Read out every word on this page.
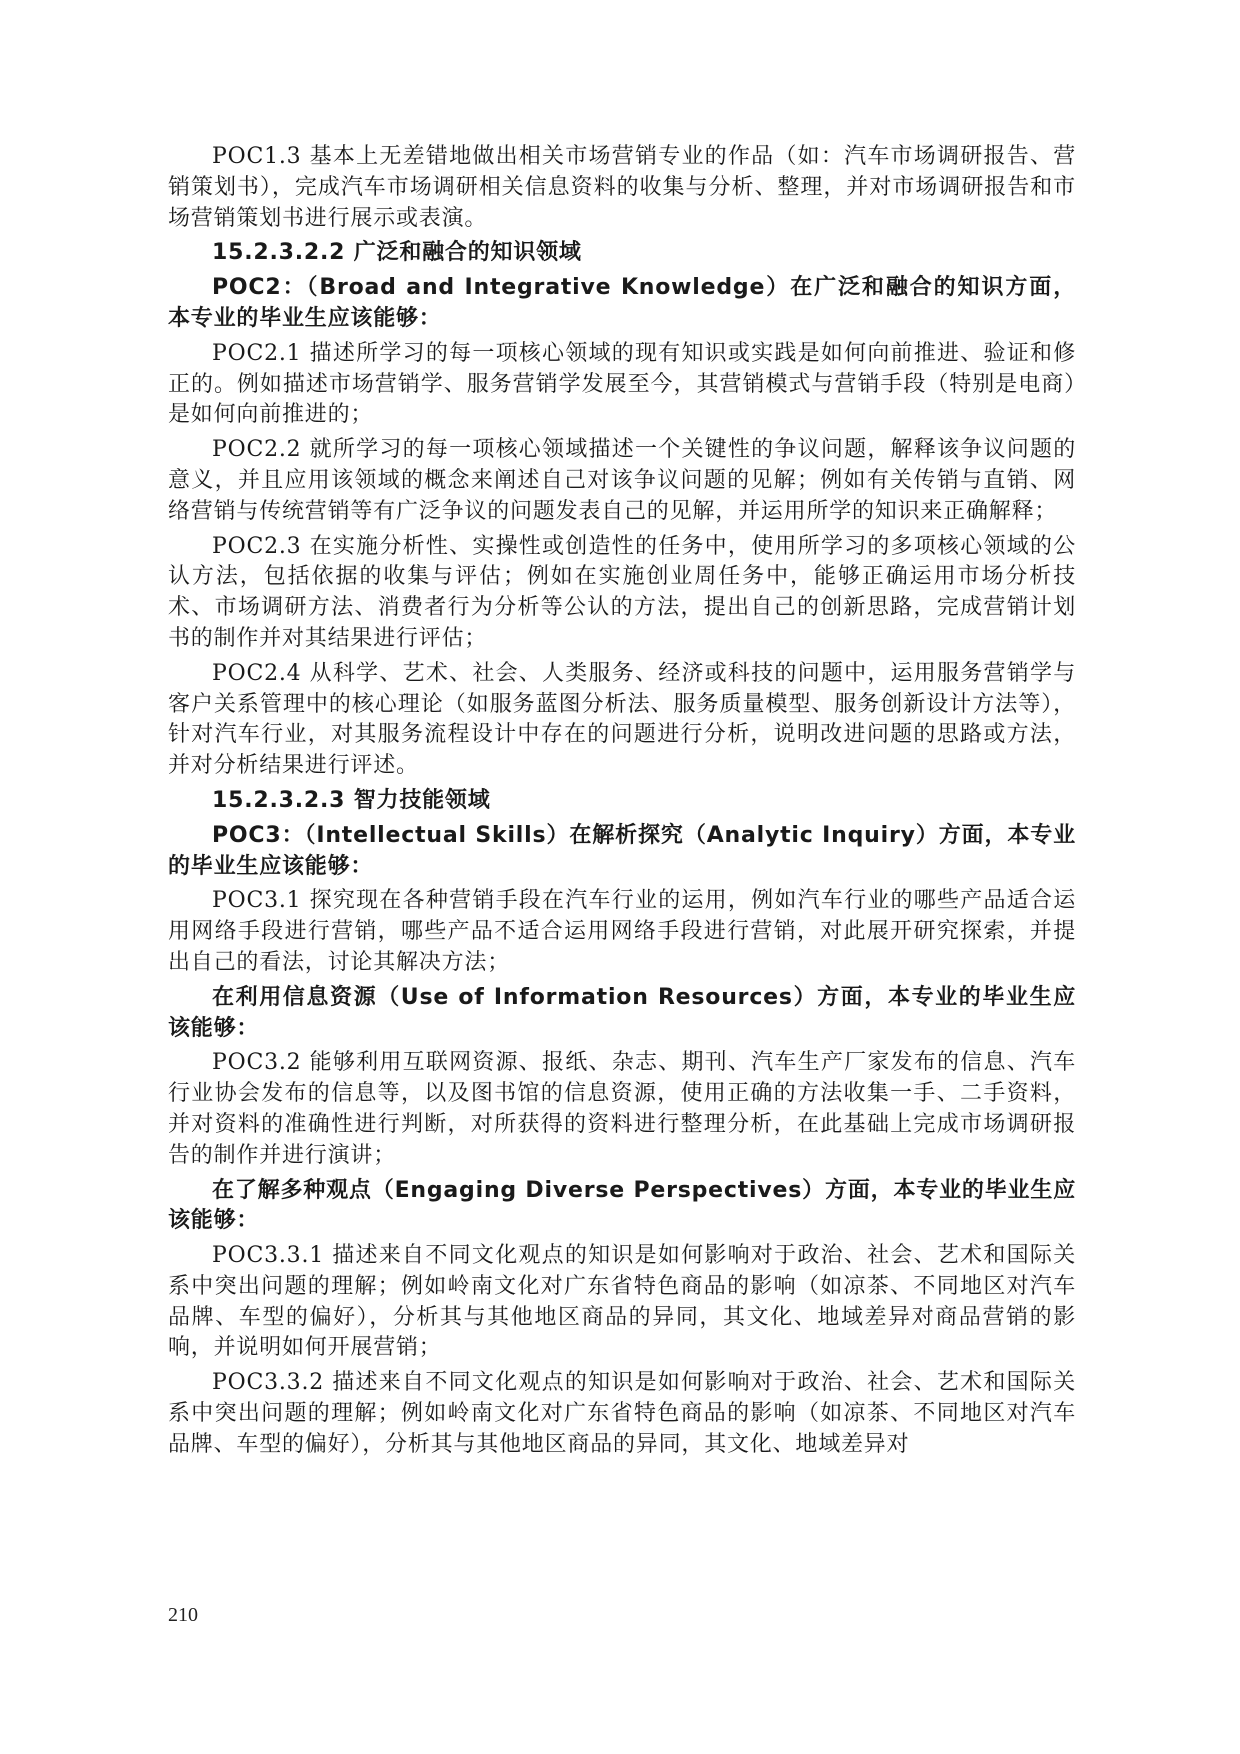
POC1.3 基本上无差错地做出相关市场营销专业的作品（如：汽车市场调研报告、营销策划书），完成汽车市场调研相关信息资料的收集与分析、整理，并对市场调研报告和市场营销策划书进行展示或表演。

15.2.3.2.2 广泛和融合的知识领域

POC2：（Broad and Integrative Knowledge）在广泛和融合的知识方面，本专业的毕业生应该能够：

POC2.1 描述所学习的每一项核心领域的现有知识或实践是如何向前推进、验证和修正的。例如描述市场营销学、服务营销学发展至今，其营销模式与营销手段（特别是电商）是如何向前推进的；

POC2.2 就所学习的每一项核心领域描述一个关键性的争议问题，解释该争议问题的意义，并且应用该领域的概念来阐述自己对该争议问题的见解；例如有关传销与直销、网络营销与传统营销等有广泛争议的问题发表自己的见解，并运用所学的知识来正确解释；

POC2.3 在实施分析性、实操性或创造性的任务中，使用所学习的多项核心领域的公认方法，包括依据的收集与评估；例如在实施创业周任务中，能够正确运用市场分析技术、市场调研方法、消费者行为分析等公认的方法，提出自己的创新思路，完成营销计划书的制作并对其结果进行评估；

POC2.4 从科学、艺术、社会、人类服务、经济或科技的问题中，运用服务营销学与客户关系管理中的核心理论（如服务蓝图分析法、服务质量模型、服务创新设计方法等），针对汽车行业，对其服务流程设计中存在的问题进行分析，说明改进问题的思路或方法，并对分析结果进行评述。

15.2.3.2.3 智力技能领域

POC3：（Intellectual Skills）在解析探究（Analytic Inquiry）方面，本专业的毕业生应该能够：

POC3.1 探究现在各种营销手段在汽车行业的运用，例如汽车行业的哪些产品适合运用网络手段进行营销，哪些产品不适合运用网络手段进行营销，对此展开研究探索，并提出自己的看法，讨论其解决方法；

在利用信息资源（Use of Information Resources）方面，本专业的毕业生应该能够：

POC3.2 能够利用互联网资源、报纸、杂志、期刊、汽车生产厂家发布的信息、汽车行业协会发布的信息等，以及图书馆的信息资源，使用正确的方法收集一手、二手资料，并对资料的准确性进行判断，对所获得的资料进行整理分析，在此基础上完成市场调研报告的制作并进行演讲；

在了解多种观点（Engaging Diverse Perspectives）方面，本专业的毕业生应该能够：

POC3.3.1 描述来自不同文化观点的知识是如何影响对于政治、社会、艺术和国际关系中突出问题的理解；例如岭南文化对广东省特色商品的影响（如凉茶、不同地区对汽车品牌、车型的偏好），分析其与其他地区商品的异同，其文化、地域差异对商品营销的影响，并说明如何开展营销；

POC3.3.2 描述来自不同文化观点的知识是如何影响对于政治、社会、艺术和国际关系中突出问题的理解；例如岭南文化对广东省特色商品的影响（如凉茶、不同地区对汽车品牌、车型的偏好），分析其与其他地区商品的异同，其文化、地域差异对

210
